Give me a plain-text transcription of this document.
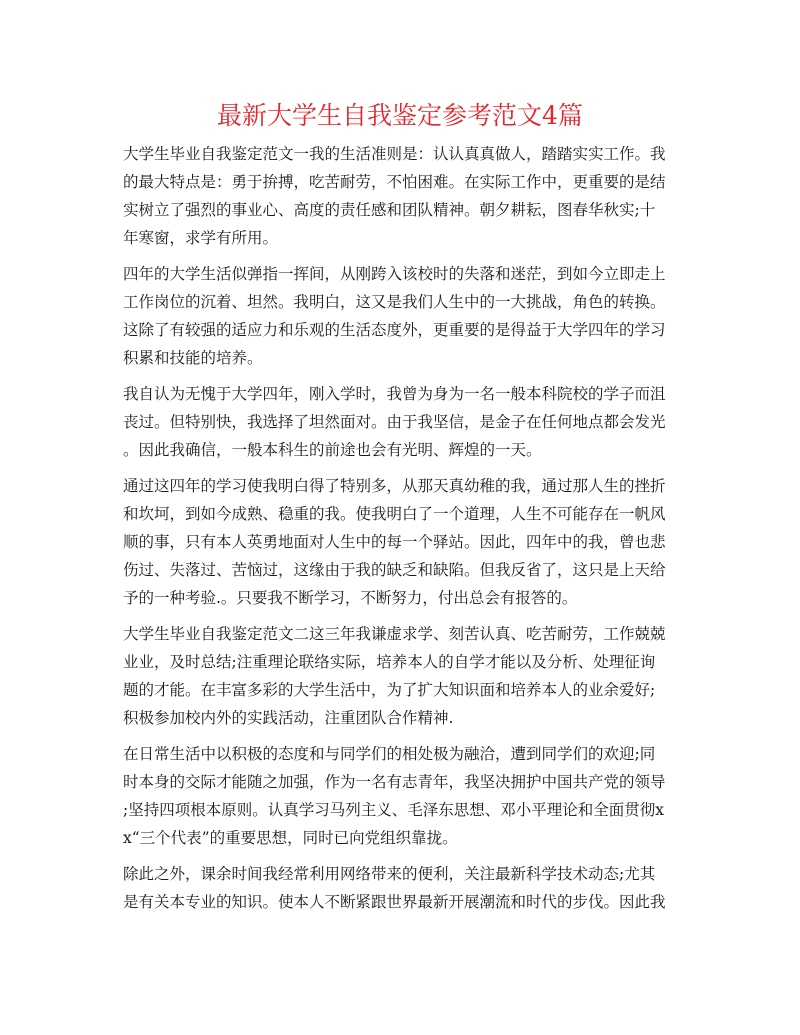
最新大学生自我鉴定参考范文4篇

大学生毕业自我鉴定范文一我的生活准则是：认认真真做人，踏踏实实工作。我
的最大特点是：勇于拚搏，吃苦耐劳，不怕困难。在实际工作中，更重要的是结
实树立了强烈的事业心、高度的责任感和团队精神。朝夕耕耘，图春华秋实;十
年寒窗，求学有所用。

四年的大学生活似弹指一挥间，从刚跨入该校时的失落和迷茫，到如今立即走上
工作岗位的沉着、坦然。我明白，这又是我们人生中的一大挑战，角色的转换。
这除了有较强的适应力和乐观的生活态度外，更重要的是得益于大学四年的学习
积累和技能的培养。

我自认为无愧于大学四年，刚入学时，我曾为身为一名一般本科院校的学子而沮
丧过。但特别快，我选择了坦然面对。由于我坚信，是金子在任何地点都会发光
。因此我确信，一般本科生的前途也会有光明、辉煌的一天。

通过这四年的学习使我明白得了特别多，从那天真幼稚的我，通过那人生的挫折
和坎坷，到如今成熟、稳重的我。使我明白了一个道理，人生不可能存在一帆风
顺的事，只有本人英勇地面对人生中的每一个驿站。因此，四年中的我，曾也悲
伤过、失落过、苦恼过，这缘由于我的缺乏和缺陷。但我反省了，这只是上天给
予的一种考验.。只要我不断学习，不断努力，付出总会有报答的。

大学生毕业自我鉴定范文二这三年我谦虚求学、刻苦认真、吃苦耐劳，工作兢兢
业业，及时总结;注重理论联络实际，培养本人的自学才能以及分析、处理征询
题的才能。在丰富多彩的大学生活中，为了扩大知识面和培养本人的业余爱好;
积极参加校内外的实践活动，注重团队合作精神.

在日常生活中以积极的态度和与同学们的相处极为融洽，遭到同学们的欢迎;同
时本身的交际才能随之加强，作为一名有志青年，我坚决拥护中国共产党的领导
;坚持四项根本原则。认真学习马列主义、毛泽东思想、邓小平理论和全面贯彻x
x“三个代表”的重要思想，同时已向党组织靠拢。

除此之外，课余时间我经常利用网络带来的便利，关注最新科学技术动态;尤其
是有关本专业的知识。使本人不断紧跟世界最新开展潮流和时代的步伐。因此我
